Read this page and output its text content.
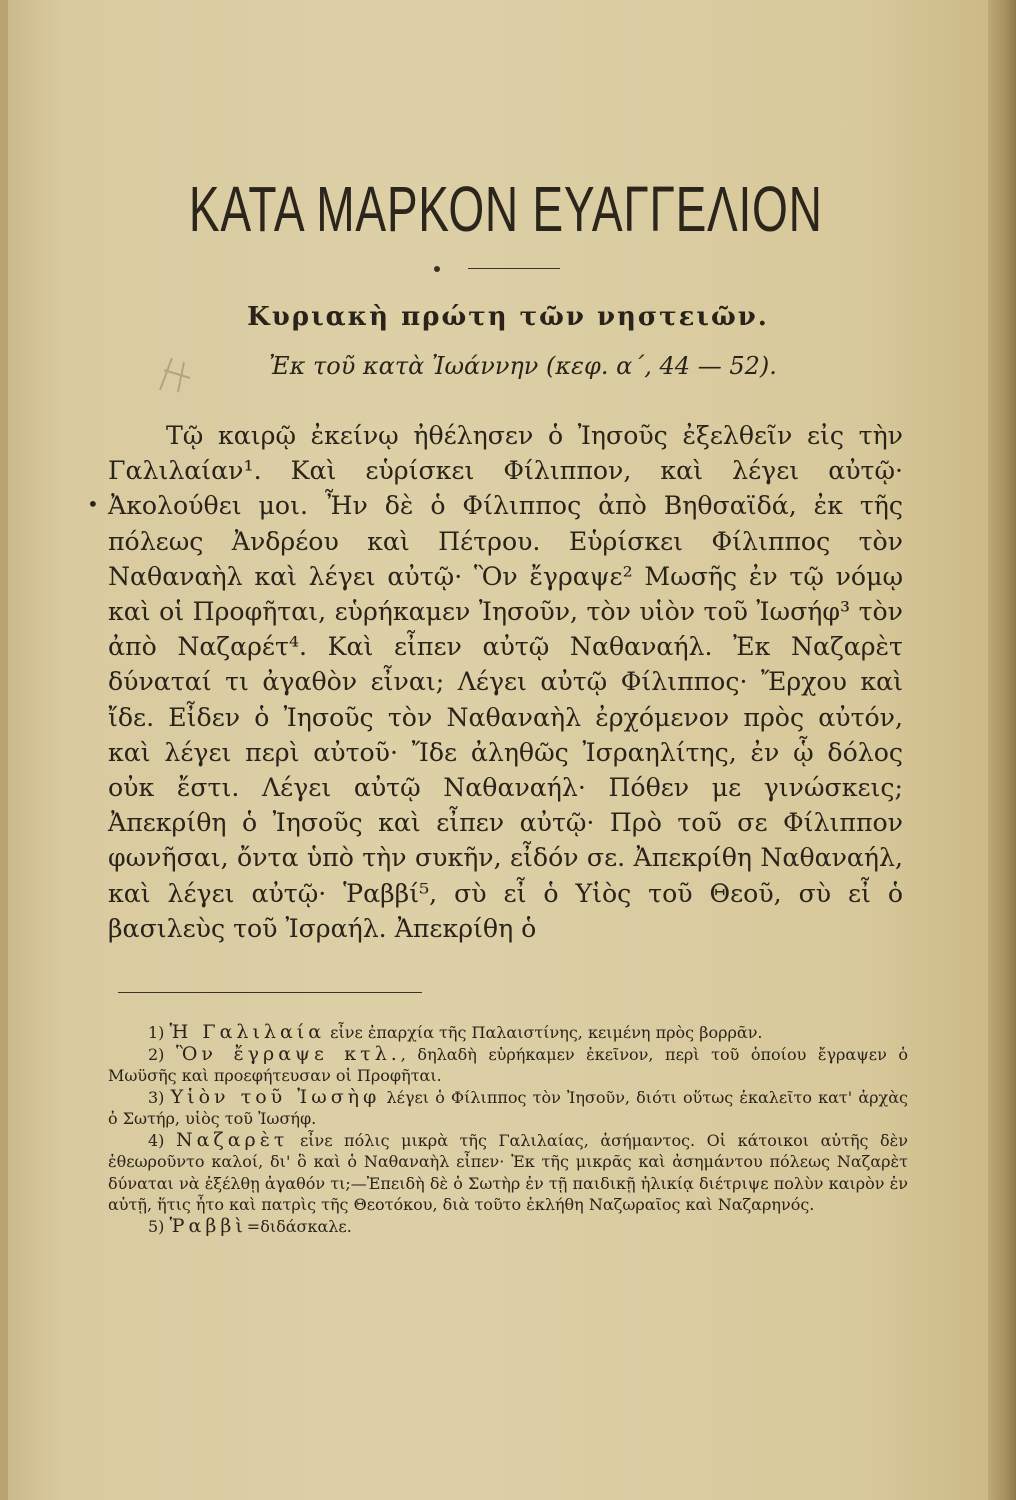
ΚΑΤΑ ΜΑΡΚΟΝ ΕΥΑΓΓΕΛΙΟΝ
Κυριακὴ πρώτη τῶν νηστειῶν.
Ἐκ τοῦ κατὰ Ἰωάννην (κεφ. α΄, 44 — 52).
•

Τῷ καιρῷ ἐκείνῳ ἠθέλησεν ὁ Ἰησοῦς ἐξελθεῖν εἰς τὴν Γαλιλαίαν¹. Καὶ εὑρίσκει Φίλιππον, καὶ λέγει αὐτῷ· Ἀκολούθει μοι. Ἦν δὲ ὁ Φίλιππος ἀπὸ Βηθσαϊδά, ἐκ τῆς πόλεως Ἀνδρέου καὶ Πέτρου. Εὑρίσκει Φίλιππος τὸν Ναθαναὴλ καὶ λέγει αὐτῷ· Ὃν ἔγραψε² Μωσῆς ἐν τῷ νόμῳ καὶ οἱ Προφῆται, εὑρήκαμεν Ἰησοῦν, τὸν υἱὸν τοῦ Ἰωσήφ³ τὸν ἀπὸ Ναζαρέτ⁴. Καὶ εἶπεν αὐτῷ Ναθαναήλ. Ἐκ Ναζαρὲτ δύναταί τι ἀγαθὸν εἶναι; Λέγει αὐτῷ Φίλιππος· Ἔρχου καὶ ἴδε. Εἶδεν ὁ Ἰησοῦς τὸν Ναθαναὴλ ἐρχόμενον πρὸς αὐτόν, καὶ λέγει περὶ αὐτοῦ· Ἴδε ἀληθῶς Ἰσραηλίτης, ἐν ᾧ δόλος οὐκ ἔστι. Λέγει αὐτῷ Ναθαναήλ· Πόθεν με γινώσκεις; Ἀπεκρίθη ὁ Ἰησοῦς καὶ εἶπεν αὐτῷ· Πρὸ τοῦ σε Φίλιππον φωνῆσαι, ὄντα ὑπὸ τὴν συκῆν, εἶδόν σε. Ἀπεκρίθη Ναθαναήλ, καὶ λέγει αὐτῷ· Ῥαββί⁵, σὺ εἶ ὁ Υἱὸς τοῦ Θεοῦ, σὺ εἶ ὁ βασιλεὺς τοῦ Ἰσραήλ. Ἀπεκρίθη ὁ

1) Ἡ Γαλιλαία εἶνε ἐπαρχία τῆς Παλαιστίνης, κειμένη πρὸς βορρᾶν.

2) Ὃν ἔγραψε κτλ., δηλαδὴ εὑρήκαμεν ἐκεῖνον, περὶ τοῦ ὁποίου ἔγραψεν ὁ Μωϋσῆς καὶ προεφήτευσαν οἱ Προφῆται.

3) Υἱὸν τοῦ Ἰωσὴφ λέγει ὁ Φίλιππος τὸν Ἰησοῦν, διότι οὕτως ἐκαλεῖτο κατ' ἀρχὰς ὁ Σωτήρ, υἱὸς τοῦ Ἰωσήφ.

4) Ναζαρὲτ εἶνε πόλις μικρὰ τῆς Γαλιλαίας, ἀσήμαντος. Οἱ κάτοικοι αὐτῆς δὲν ἐθεωροῦντο καλοί, δι' ὃ καὶ ὁ Ναθαναὴλ εἶπεν· Ἐκ τῆς μικρᾶς καὶ ἀσημάντου πόλεως Ναζαρὲτ δύναται νὰ ἐξέλθῃ ἀγαθόν τι;—Ἐπειδὴ δὲ ὁ Σωτὴρ ἐν τῇ παιδικῇ ἡλικίᾳ διέτριψε πολὺν καιρὸν ἐν αὐτῇ, ἥτις ἦτο καὶ πατρὶς τῆς Θεοτόκου, διὰ τοῦτο ἐκλήθη Ναζωραῖος καὶ Ναζαρηνός.

5) Ῥαββὶ=διδάσκαλε.
